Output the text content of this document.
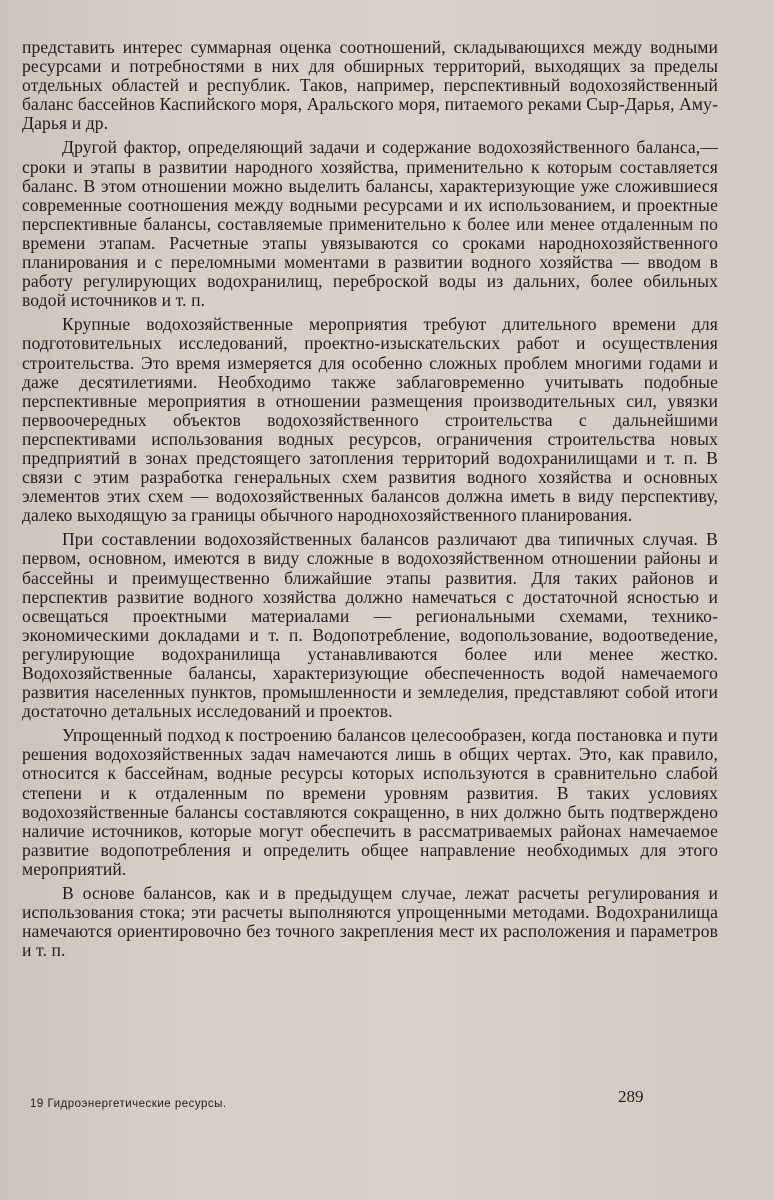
представить интерес суммарная оценка соотношений, складывающихся между водными ресурсами и потребностями в них для обширных территорий, выходящих за пределы отдельных областей и республик. Таков, например, перспективный водохозяйственный баланс бассейнов Каспийского моря, Аральского моря, питаемого реками Сыр-Дарья, Аму-Дарья и др.

Другой фактор, определяющий задачи и содержание водохозяйственного баланса,— сроки и этапы в развитии народного хозяйства, применительно к которым составляется баланс. В этом отношении можно выделить балансы, характеризующие уже сложившиеся современные соотношения между водными ресурсами и их использованием, и проектные перспективные балансы, составляемые применительно к более или менее отдаленным по времени этапам. Расчетные этапы увязываются со сроками народнохозяйственного планирования и с переломными моментами в развитии водного хозяйства — вводом в работу регулирующих водохранилищ, переброской воды из дальних, более обильных водой источников и т. п.

Крупные водохозяйственные мероприятия требуют длительного времени для подготовительных исследований, проектно-изыскательских работ и осуществления строительства. Это время измеряется для особенно сложных проблем многими годами и даже десятилетиями. Необходимо также заблаговременно учитывать подобные перспективные мероприятия в отношении размещения производительных сил, увязки первоочередных объектов водохозяйственного строительства с дальнейшими перспективами использования водных ресурсов, ограничения строительства новых предприятий в зонах предстоящего затопления территорий водохранилищами и т. п. В связи с этим разработка генеральных схем развития водного хозяйства и основных элементов этих схем — водохозяйственных балансов должна иметь в виду перспективу, далеко выходящую за границы обычного народнохозяйственного планирования.

При составлении водохозяйственных балансов различают два типичных случая. В первом, основном, имеются в виду сложные в водохозяйственном отношении районы и бассейны и преимущественно ближайшие этапы развития. Для таких районов и перспектив развитие водного хозяйства должно намечаться с достаточной ясностью и освещаться проектными материалами — региональными схемами, технико-экономическими докладами и т. п. Водопотребление, водопользование, водоотведение, регулирующие водохранилища устанавливаются более или менее жестко. Водохозяйственные балансы, характеризующие обеспеченность водой намечаемого развития населенных пунктов, промышленности и земледелия, представляют собой итоги достаточно детальных исследований и проектов.

Упрощенный подход к построению балансов целесообразен, когда постановка и пути решения водохозяйственных задач намечаются лишь в общих чертах. Это, как правило, относится к бассейнам, водные ресурсы которых используются в сравнительно слабой степени и к отдаленным по времени уровням развития. В таких условиях водохозяйственные балансы составляются сокращенно, в них должно быть подтверждено наличие источников, которые могут обеспечить в рассматриваемых районах намечаемое развитие водопотребления и определить общее направление необходимых для этого мероприятий.

В основе балансов, как и в предыдущем случае, лежат расчеты регулирования и использования стока; эти расчеты выполняются упрощенными методами. Водохранилища намечаются ориентировочно без точного закрепления мест их расположения и параметров и т. п.

19 Гидроэнергетические ресурсы.	289
